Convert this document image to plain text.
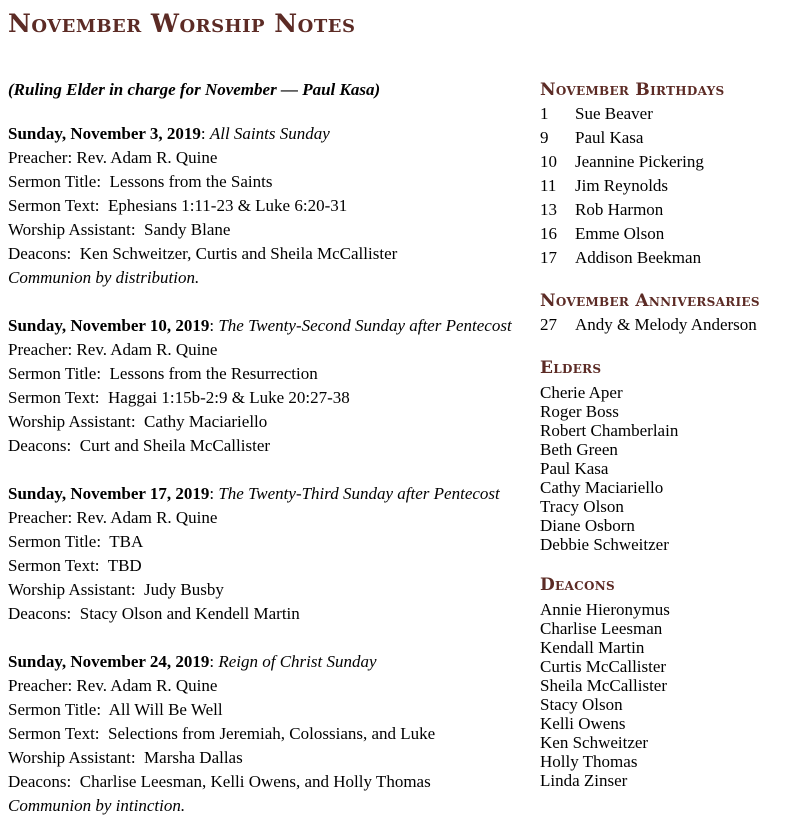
November Worship Notes

(Ruling Elder in charge for November — Paul Kasa)

Sunday, November 3, 2019: All Saints Sunday

Preacher: Rev. Adam R. Quine

Sermon Title:  Lessons from the Saints

Sermon Text:  Ephesians 1:11-23 & Luke 6:20-31

Worship Assistant:  Sandy Blane

Deacons:  Ken Schweitzer, Curtis and Sheila McCallister

Communion by distribution.

Sunday, November 10, 2019: The Twenty-Second Sunday after Pentecost

Preacher: Rev. Adam R. Quine

Sermon Title:  Lessons from the Resurrection

Sermon Text:  Haggai 1:15b-2:9 & Luke 20:27-38

Worship Assistant:  Cathy Maciariello

Deacons:  Curt and Sheila McCallister

Sunday, November 17, 2019: The Twenty-Third Sunday after Pentecost

Preacher: Rev. Adam R. Quine

Sermon Title:  TBA

Sermon Text:  TBD

Worship Assistant:  Judy Busby

Deacons:  Stacy Olson and Kendell Martin

Sunday, November 24, 2019: Reign of Christ Sunday

Preacher: Rev. Adam R. Quine

Sermon Title:  All Will Be Well

Sermon Text:  Selections from Jeremiah, Colossians, and Luke

Worship Assistant:  Marsha Dallas

Deacons:  Charlise Leesman, Kelli Owens, and Holly Thomas

Communion by intinction.

November Birthdays

1	Sue Beaver

9	Paul Kasa

10	Jeannine Pickering

11	Jim Reynolds

13	Rob Harmon

16	Emme Olson

17	Addison Beekman

November Anniversaries

27	Andy & Melody Anderson

Elders

Cherie Aper

Roger Boss

Robert Chamberlain

Beth Green

Paul Kasa

Cathy Maciariello

Tracy Olson

Diane Osborn

Debbie Schweitzer

Deacons

Annie Hieronymus

Charlise Leesman

Kendall Martin

Curtis McCallister

Sheila McCallister

Stacy Olson

Kelli Owens

Ken Schweitzer

Holly Thomas

Linda Zinser
